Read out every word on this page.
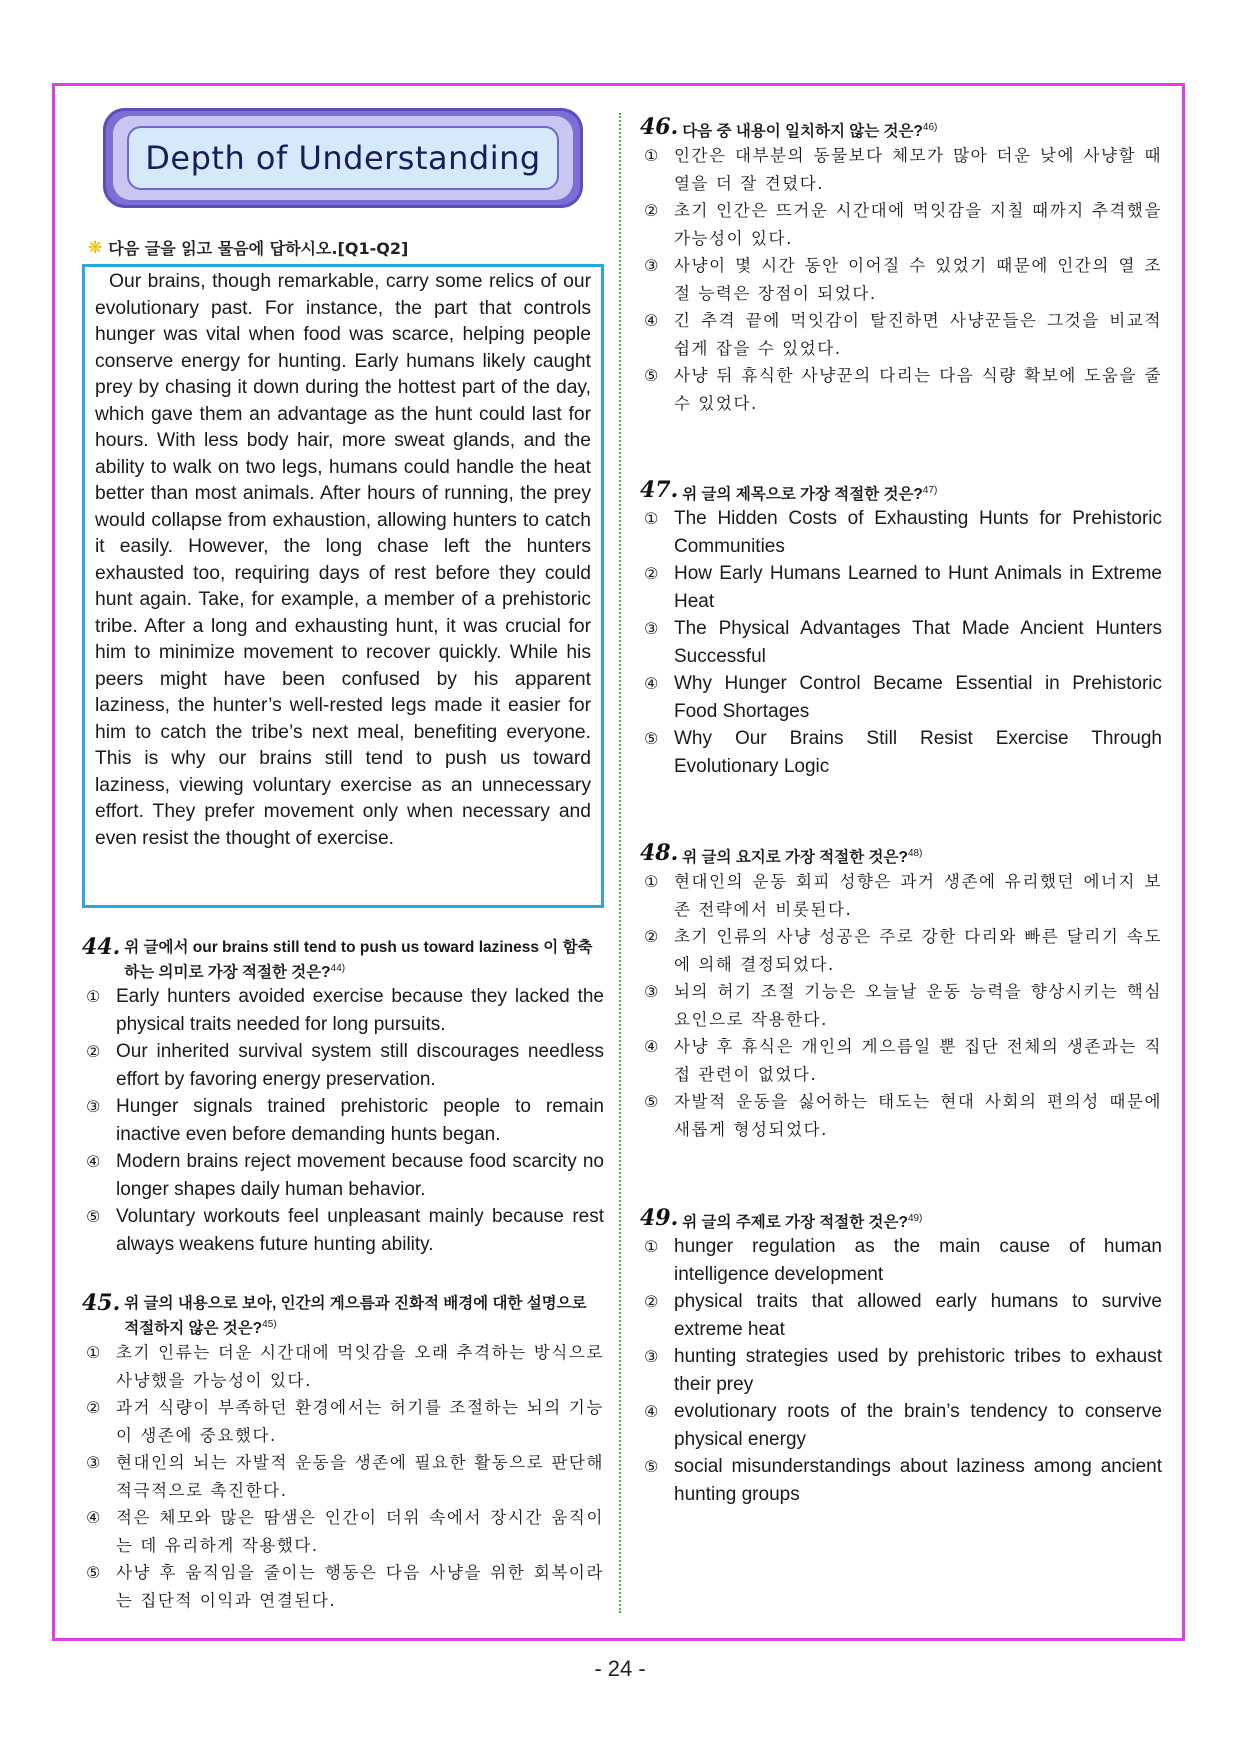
Depth of Understanding
❋ 다음 글을 읽고 물음에 답하시오.[Q1-Q2]
Our brains, though remarkable, carry some relics of our evolutionary past. For instance, the part that controls hunger was vital when food was scarce, helping people conserve energy for hunting. Early humans likely caught prey by chasing it down during the hottest part of the day, which gave them an advantage as the hunt could last for hours. With less body hair, more sweat glands, and the ability to walk on two legs, humans could handle the heat better than most animals. After hours of running, the prey would collapse from exhaustion, allowing hunters to catch it easily. However, the long chase left the hunters exhausted too, requiring days of rest before they could hunt again. Take, for example, a member of a prehistoric tribe. After a long and exhausting hunt, it was crucial for him to minimize movement to recover quickly. While his peers might have been confused by his apparent laziness, the hunter’s well-rested legs made it easier for him to catch the tribe’s next meal, benefiting everyone. This is why our brains still tend to push us toward laziness, viewing voluntary exercise as an unnecessary effort. They prefer movement only when necessary and even resist the thought of exercise.
44. 위 글에서 our brains still tend to push us toward laziness 이 함축하는 의미로 가장 적절한 것은?$^{44)}$
① Early hunters avoided exercise because they lacked the physical traits needed for long pursuits.
② Our inherited survival system still discourages needless effort by favoring energy preservation.
③ Hunger signals trained prehistoric people to remain inactive even before demanding hunts began.
④ Modern brains reject movement because food scarcity no longer shapes daily human behavior.
⑤ Voluntary workouts feel unpleasant mainly because rest always weakens future hunting ability.
45. 위 글의 내용으로 보아, 인간의 게으름과 진화적 배경에 대한 설명으로 적절하지 않은 것은?$^{45)}$
① 초기 인류는 더운 시간대에 먹잇감을 오래 추격하는 방식으로 사냥했을 가능성이 있다.
② 과거 식량이 부족하던 환경에서는 허기를 조절하는 뇌의 기능이 생존에 중요했다.
③ 현대인의 뇌는 자발적 운동을 생존에 필요한 활동으로 판단해 적극적으로 촉진한다.
④ 적은 체모와 많은 땀샘은 인간이 더위 속에서 장시간 움직이는 데 유리하게 작용했다.
⑤ 사냥 후 움직임을 줄이는 행동은 다음 사냥을 위한 회복이라는 집단적 이익과 연결된다.
46. 다음 중 내용이 일치하지 않는 것은?$^{46)}$
① 인간은 대부분의 동물보다 체모가 많아 더운 낮에 사냥할 때 열을 더 잘 견뎠다.
② 초기 인간은 뜨거운 시간대에 먹잇감을 지칠 때까지 추격했을 가능성이 있다.
③ 사냥이 몇 시간 동안 이어질 수 있었기 때문에 인간의 열 조절 능력은 장점이 되었다.
④ 긴 추격 끝에 먹잇감이 탈진하면 사냥꾼들은 그것을 비교적 쉽게 잡을 수 있었다.
⑤ 사냥 뒤 휴식한 사냥꾼의 다리는 다음 식량 확보에 도움을 줄 수 있었다.
47. 위 글의 제목으로 가장 적절한 것은?$^{47)}$
① The Hidden Costs of Exhausting Hunts for Prehistoric Communities
② How Early Humans Learned to Hunt Animals in Extreme Heat
③ The Physical Advantages That Made Ancient Hunters Successful
④ Why Hunger Control Became Essential in Prehistoric Food Shortages
⑤ Why Our Brains Still Resist Exercise Through Evolutionary Logic
48. 위 글의 요지로 가장 적절한 것은?$^{48)}$
① 현대인의 운동 회피 성향은 과거 생존에 유리했던 에너지 보존 전략에서 비롯된다.
② 초기 인류의 사냥 성공은 주로 강한 다리와 빠른 달리기 속도에 의해 결정되었다.
③ 뇌의 허기 조절 기능은 오늘날 운동 능력을 향상시키는 핵심 요인으로 작용한다.
④ 사냥 후 휴식은 개인의 게으름일 뿐 집단 전체의 생존과는 직접 관련이 없었다.
⑤ 자발적 운동을 싫어하는 태도는 현대 사회의 편의성 때문에 새롭게 형성되었다.
49. 위 글의 주제로 가장 적절한 것은?$^{49)}$
① hunger regulation as the main cause of human intelligence development
② physical traits that allowed early humans to survive extreme heat
③ hunting strategies used by prehistoric tribes to exhaust their prey
④ evolutionary roots of the brain’s tendency to conserve physical energy
⑤ social misunderstandings about laziness among ancient hunting groups
- 24 -
